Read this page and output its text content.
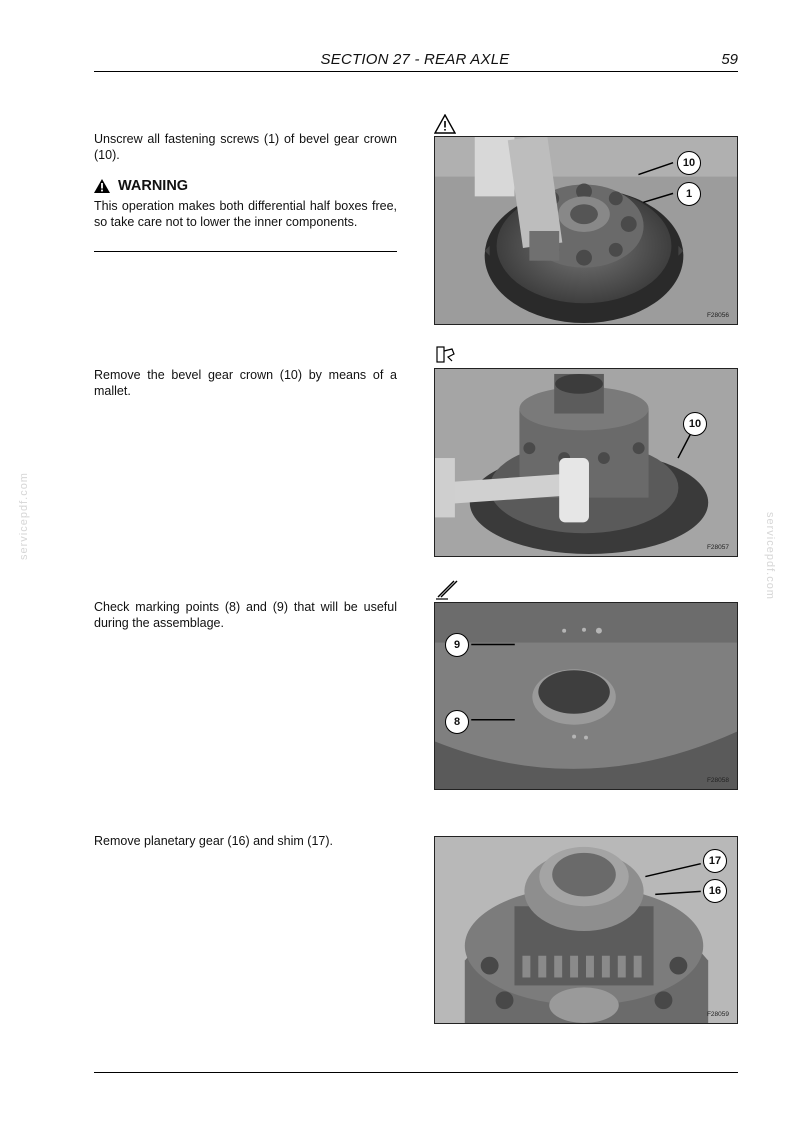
SECTION 27 - REAR AXLE	59
Unscrew all fastening screws (1) of bevel gear crown (10).
WARNING
This operation makes both differential half boxes free, so take care not to lower the inner components.
10
1
F28056
Remove the bevel gear crown (10) by means of a mallet.
10
F28057
Check marking points (8) and (9) that will be useful during the assemblage.
9
8
F28058
Remove planetary gear (16) and shim (17).
17
16
F28059
servicepdf.com	servicepdf.com
